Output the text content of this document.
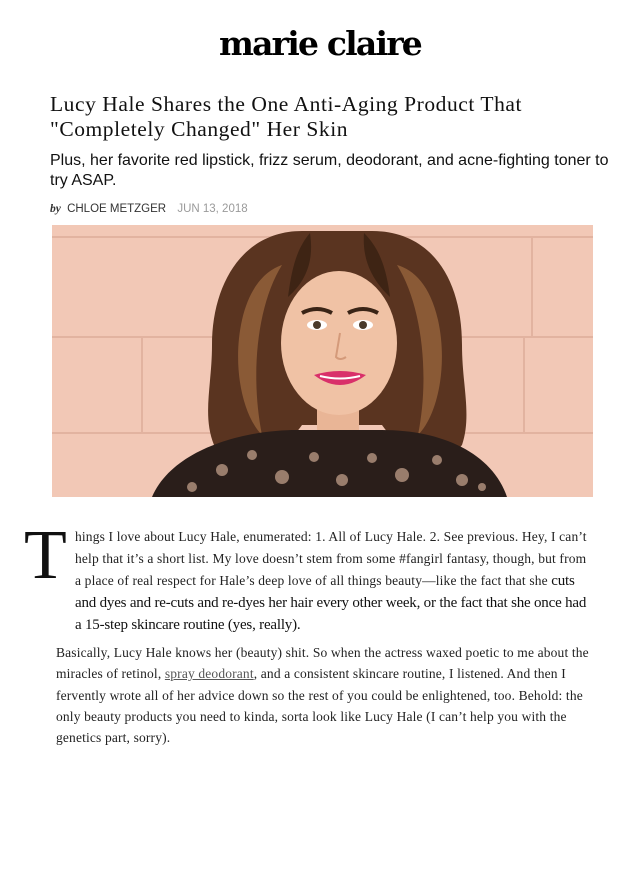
marie claire
Lucy Hale Shares the One Anti-Aging Product That "Completely Changed" Her Skin

Plus, her favorite red lipstick, frizz serum, deodorant, and acne-fighting toner to try ASAP.

by CHLOE METZGER JUN 13, 2018
T hings I love about Lucy Hale, enumerated: 1. All of Lucy Hale. 2. See previous. Hey, I can’t help that it’s a short list. My love doesn’t stem from some #fangirl fantasy, though, but from a place of real respect for Hale’s deep love of all things beauty—like the fact that she cuts and dyes and re-cuts and re-dyes her hair every other week, or the fact that she once had a 15-step skincare routine (yes, really).

Basically, Lucy Hale knows her (beauty) shit. So when the actress waxed poetic to me about the miracles of retinol, spray deodorant, and a consistent skincare routine, I listened. And then I fervently wrote all of her advice down so the rest of you could be enlightened, too. Behold: the only beauty products you need to kinda, sorta look like Lucy Hale (I can’t help you with the genetics part, sorry).
